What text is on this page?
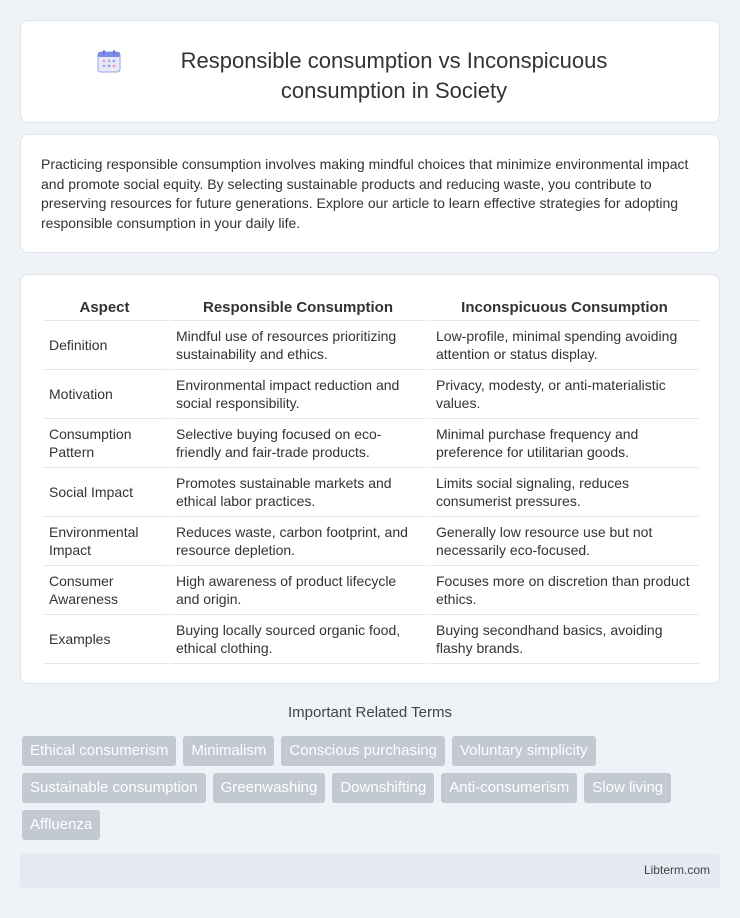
Responsible consumption vs Inconspicuous consumption in Society

Practicing responsible consumption involves making mindful choices that minimize environmental impact and promote social equity. By selecting sustainable products and reducing waste, you contribute to preserving resources for future generations. Explore our article to learn effective strategies for adopting responsible consumption in your daily life.

Aspect	Responsible Consumption	Inconspicuous Consumption
Definition	Mindful use of resources prioritizing sustainability and ethics.	Low-profile, minimal spending avoiding attention or status display.
Motivation	Environmental impact reduction and social responsibility.	Privacy, modesty, or anti-materialistic values.
Consumption Pattern	Selective buying focused on eco-friendly and fair-trade products.	Minimal purchase frequency and preference for utilitarian goods.
Social Impact	Promotes sustainable markets and ethical labor practices.	Limits social signaling, reduces consumerist pressures.
Environmental Impact	Reduces waste, carbon footprint, and resource depletion.	Generally low resource use but not necessarily eco-focused.
Consumer Awareness	High awareness of product lifecycle and origin.	Focuses more on discretion than product ethics.
Examples	Buying locally sourced organic food, ethical clothing.	Buying secondhand basics, avoiding flashy brands.
Important Related Terms
Ethical consumerism	Minimalism	Conscious purchasing	Voluntary simplicity
Sustainable consumption	Greenwashing	Downshifting	Anti-consumerism	Slow living
Affluenza
Libterm.com
